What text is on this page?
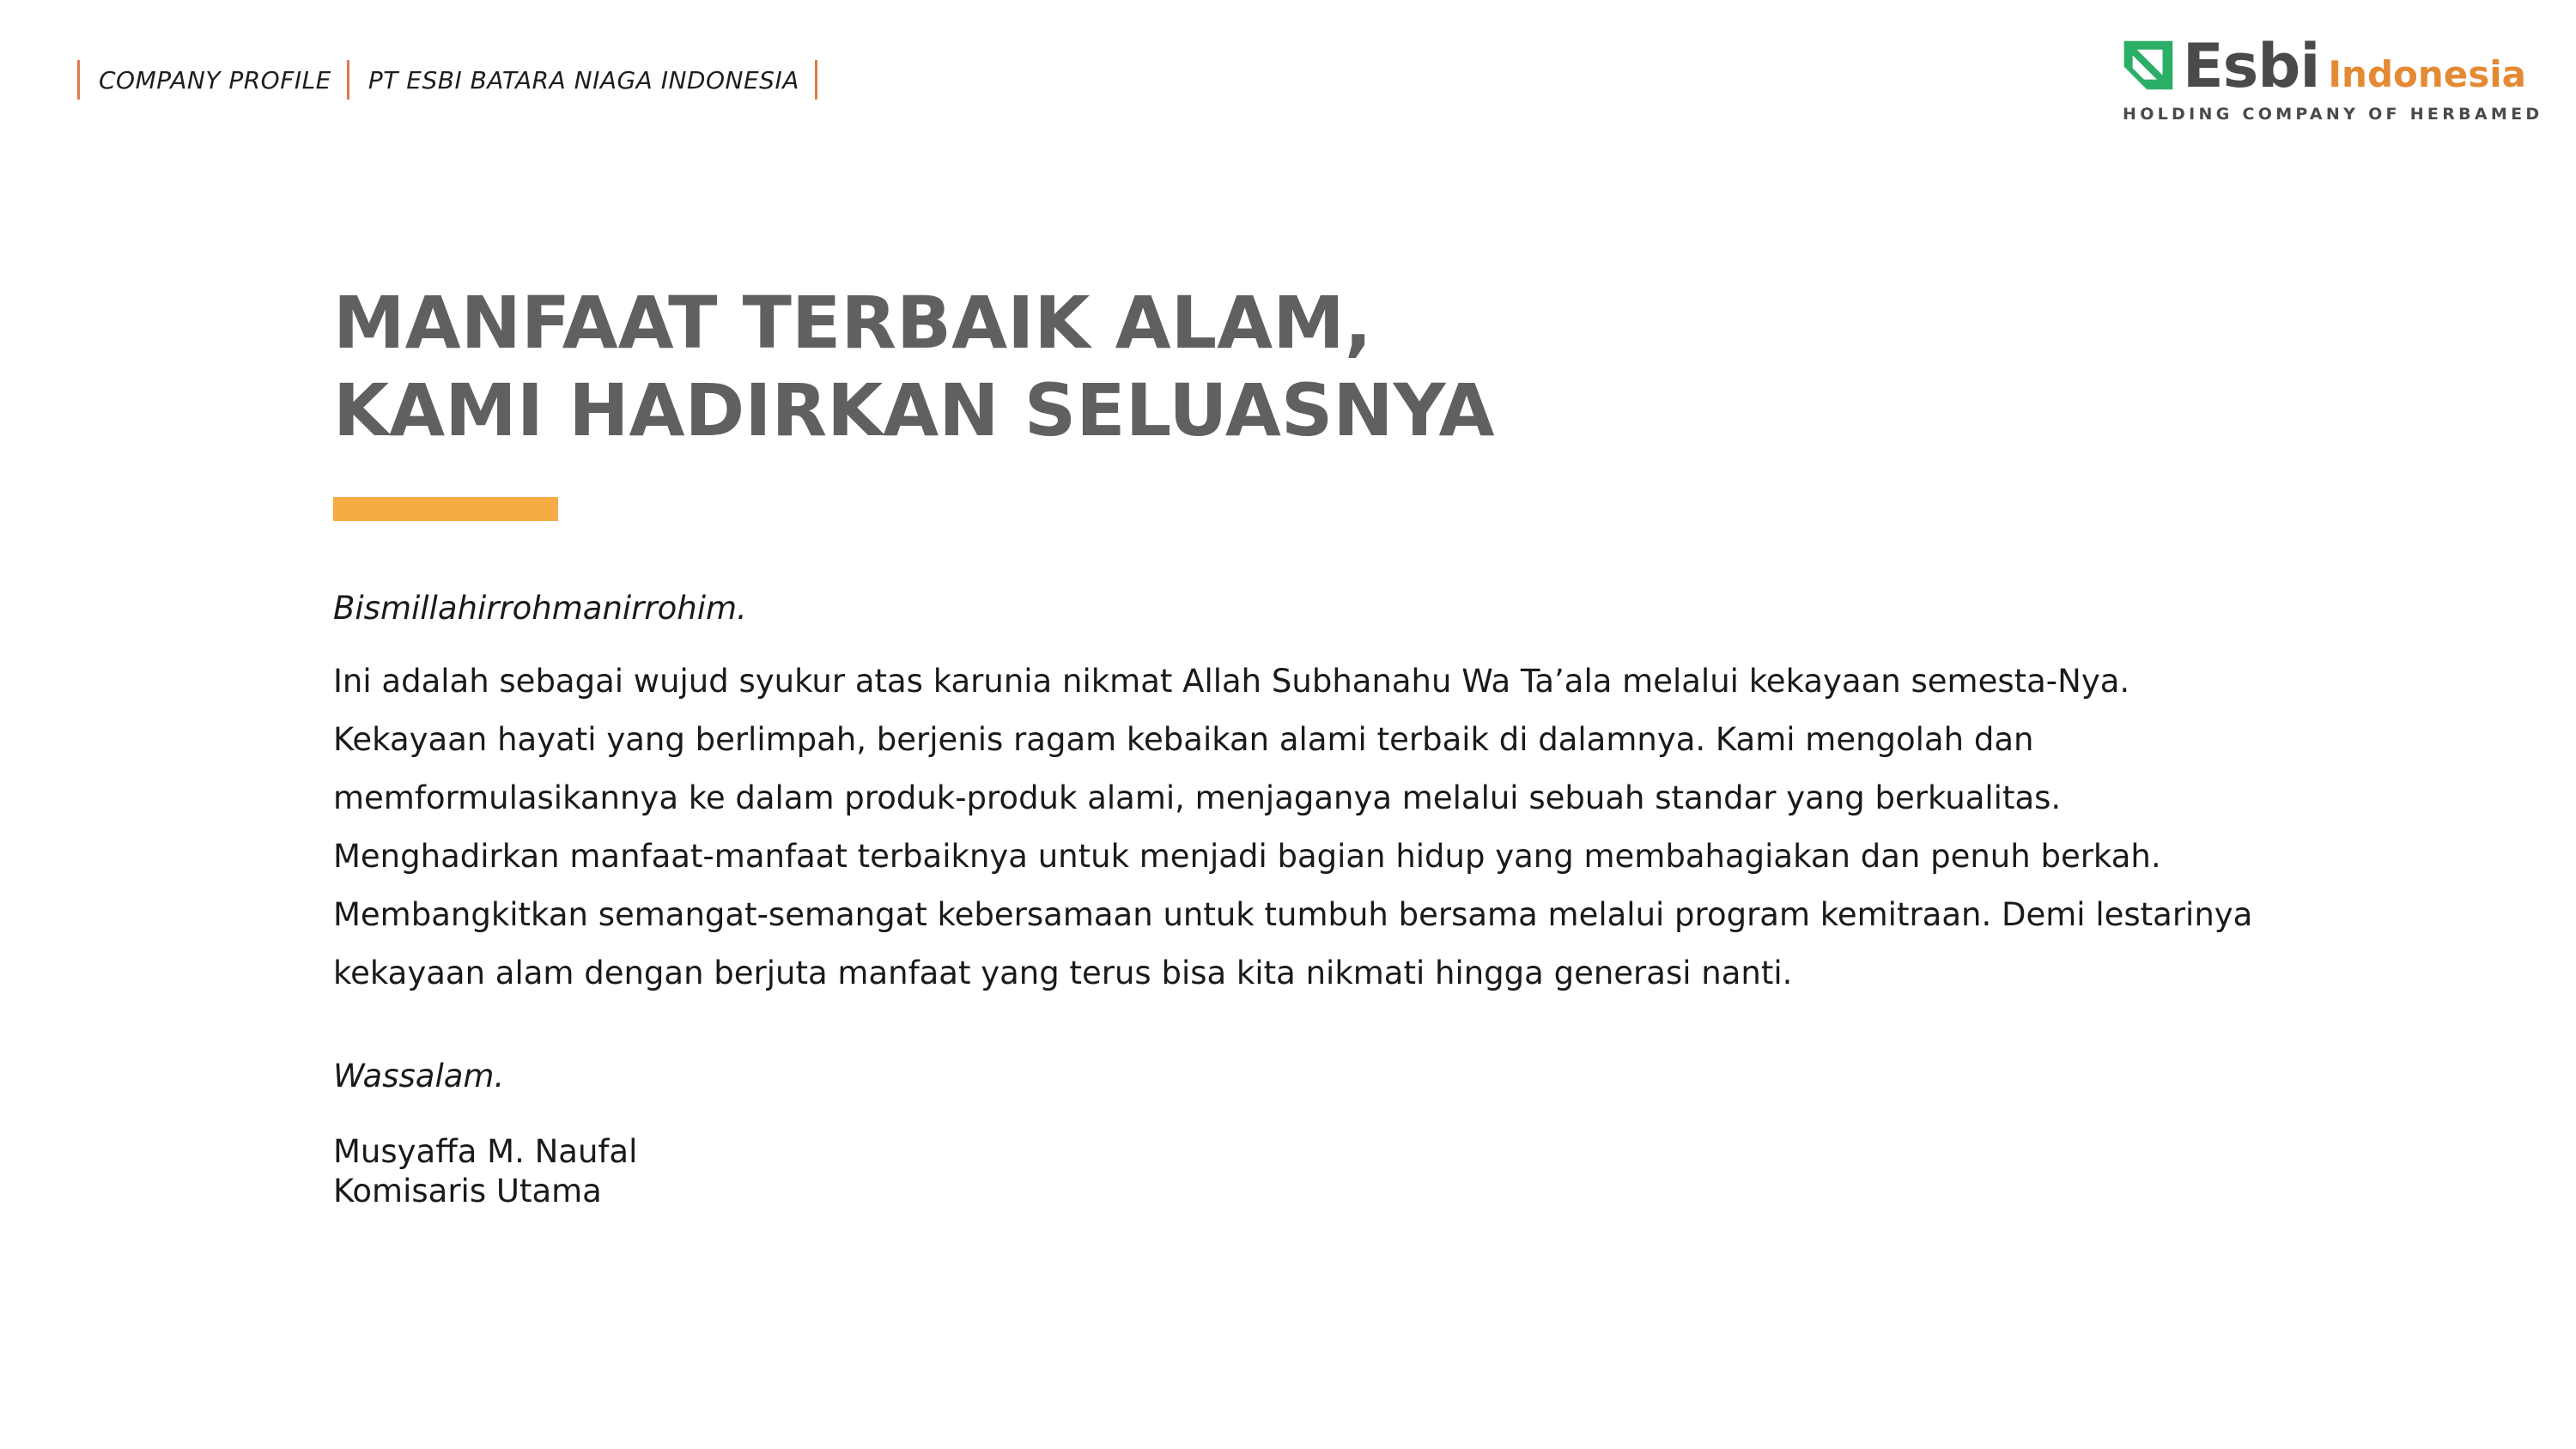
COMPANY PROFILE	PT ESBI BATARA NIAGA INDONESIA	Esbi Indonesia
HOLDING COMPANY OF HERBAMED
MANFAAT TERBAIK ALAM,
KAMI HADIRKAN SELUASNYA
Bismillahirrohmanirrohim.
Ini adalah sebagai wujud syukur atas karunia nikmat Allah Subhanahu Wa Ta’ala melalui kekayaan semesta-Nya.
Kekayaan hayati yang berlimpah, berjenis ragam kebaikan alami terbaik di dalamnya. Kami mengolah dan
memformulasikannya ke dalam produk-produk alami, menjaganya melalui sebuah standar yang berkualitas.
Menghadirkan manfaat-manfaat terbaiknya untuk menjadi bagian hidup yang membahagiakan dan penuh berkah.
Membangkitkan semangat-semangat kebersamaan untuk tumbuh bersama melalui program kemitraan. Demi lestarinya
kekayaan alam dengan berjuta manfaat yang terus bisa kita nikmati hingga generasi nanti.
Wassalam.
Musyaffa M. Naufal
Komisaris Utama
